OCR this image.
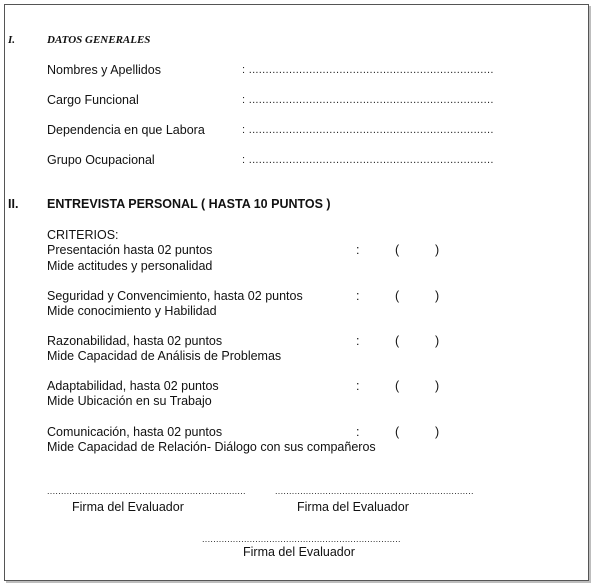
I.	DATOS GENERALES
Nombres y Apellidos	: .........................................................................
Cargo Funcional	: .........................................................................
Dependencia en que Labora	: .........................................................................
Grupo Ocupacional	: .........................................................................
II. ENTREVISTA PERSONAL ( HASTA 10 PUNTOS )
CRITERIOS:
Presentación hasta 02 puntos
Mide actitudes y personalidad
:	(	)
Seguridad y Convencimiento, hasta 02 puntos
Mide conocimiento y Habilidad
:	(	)
Razonabilidad, hasta 02 puntos
Mide Capacidad de Análisis de Problemas
:	(	)
Adaptabilidad, hasta 02 puntos
Mide Ubicación en su Trabajo
:	(	)
Comunicación, hasta 02 puntos
Mide Capacidad de Relación- Diálogo con sus compañeros
:	(	)
.......................................................................
Firma del Evaluador
.......................................................................
Firma del Evaluador
.......................................................................
Firma del Evaluador
